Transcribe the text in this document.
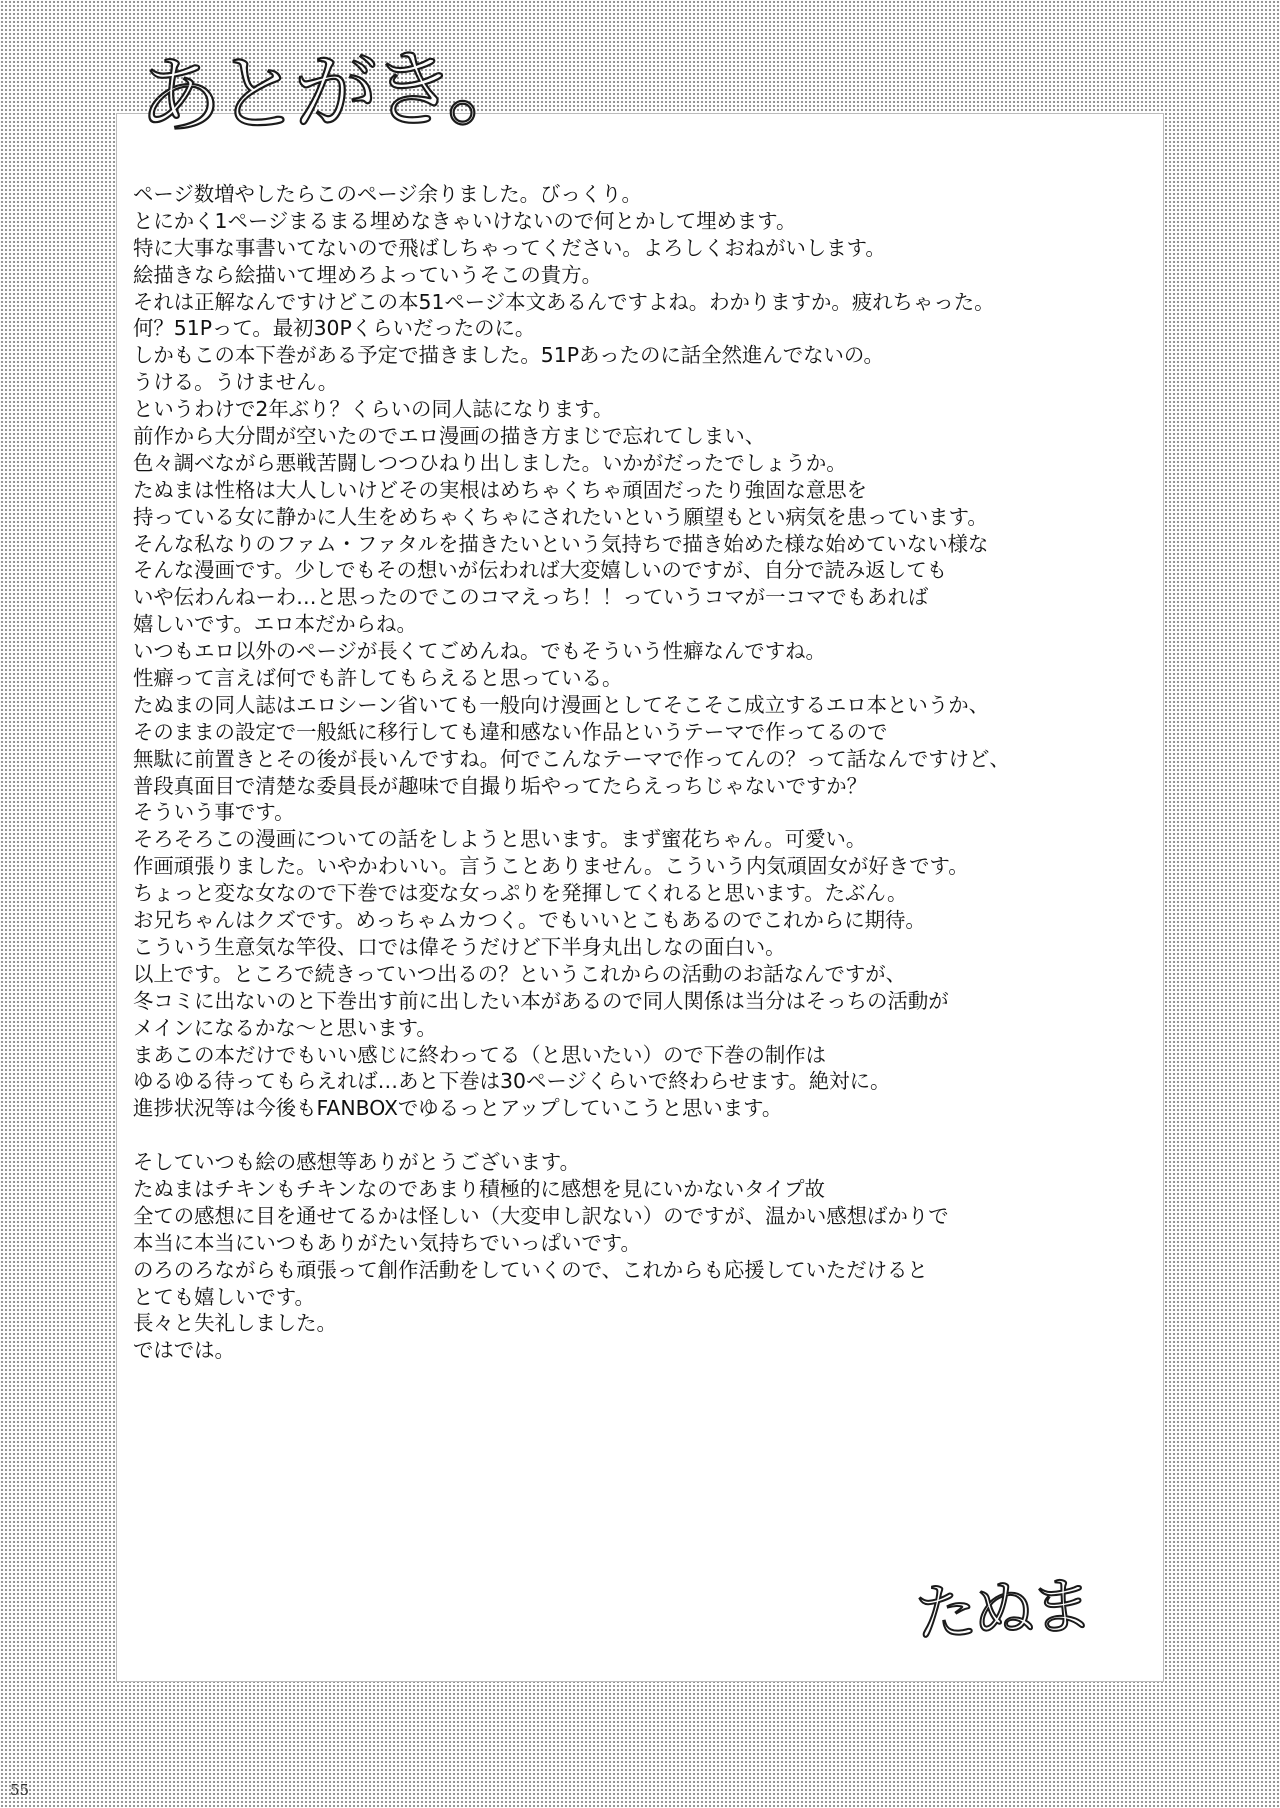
あとがき。
ページ数増やしたらこのページ余りました。びっくり。
とにかく1ページまるまる埋めなきゃいけないので何とかして埋めます。
特に大事な事書いてないので飛ばしちゃってください。よろしくおねがいします。
絵描きなら絵描いて埋めろよっていうそこの貴方。
それは正解なんですけどこの本51ページ本文あるんですよね。わかりますか。疲れちゃった。
何？51Pって。最初30Pくらいだったのに。
しかもこの本下巻がある予定で描きました。51Pあったのに話全然進んでないの。
うける。うけません。
というわけで2年ぶり？くらいの同人誌になります。
前作から大分間が空いたのでエロ漫画の描き方まじで忘れてしまい、
色々調べながら悪戦苦闘しつつひねり出しました。いかがだったでしょうか。
たぬまは性格は大人しいけどその実根はめちゃくちゃ頑固だったり強固な意思を
持っている女に静かに人生をめちゃくちゃにされたいという願望もとい病気を患っています。
そんな私なりのファム・ファタルを描きたいという気持ちで描き始めた様な始めていない様な
そんな漫画です。少しでもその想いが伝われば大変嬉しいのですが、自分で読み返しても
いや伝わんねーわ…と思ったのでこのコマえっち！！っていうコマが一コマでもあれば
嬉しいです。エロ本だからね。
いつもエロ以外のページが長くてごめんね。でもそういう性癖なんですね。
性癖って言えば何でも許してもらえると思っている。
たぬまの同人誌はエロシーン省いても一般向け漫画としてそこそこ成立するエロ本というか、
そのままの設定で一般紙に移行しても違和感ない作品というテーマで作ってるので
無駄に前置きとその後が長いんですね。何でこんなテーマで作ってんの？って話なんですけど、
普段真面目で清楚な委員長が趣味で自撮り垢やってたらえっちじゃないですか？
そういう事です。
そろそろこの漫画についての話をしようと思います。まず蜜花ちゃん。可愛い。
作画頑張りました。いやかわいい。言うことありません。こういう内気頑固女が好きです。
ちょっと変な女なので下巻では変な女っぷりを発揮してくれると思います。たぶん。
お兄ちゃんはクズです。めっちゃムカつく。でもいいとこもあるのでこれからに期待。
こういう生意気な竿役、口では偉そうだけど下半身丸出しなの面白い。
以上です。ところで続きっていつ出るの？というこれからの活動のお話なんですが、
冬コミに出ないのと下巻出す前に出したい本があるので同人関係は当分はそっちの活動が
メインになるかな～と思います。
まあこの本だけでもいい感じに終わってる（と思いたい）ので下巻の制作は
ゆるゆる待ってもらえれば…あと下巻は30ページくらいで終わらせます。絶対に。
進捗状況等は今後もFANBOXでゆるっとアップしていこうと思います。
そしていつも絵の感想等ありがとうございます。
たぬまはチキンもチキンなのであまり積極的に感想を見にいかないタイプ故
全ての感想に目を通せてるかは怪しい（大変申し訳ない）のですが、温かい感想ばかりで
本当に本当にいつもありがたい気持ちでいっぱいです。
のろのろながらも頑張って創作活動をしていくので、これからも応援していただけると
とても嬉しいです。
長々と失礼しました。
ではでは。
たぬま
55
